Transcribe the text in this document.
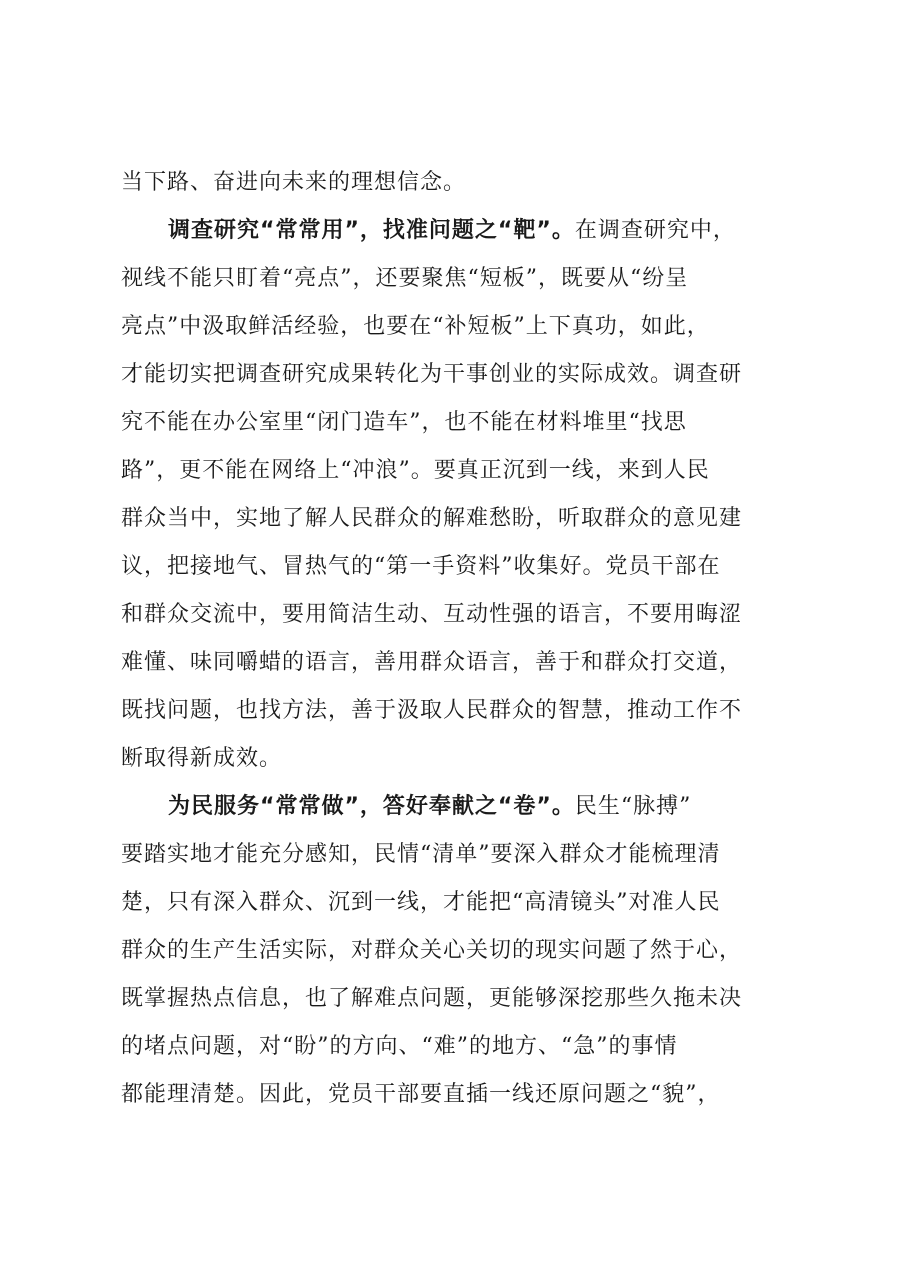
当下路、奋进向未来的理想信念。
调查研究“常常用”，找准问题之“靶”。在调查研究中，
视线不能只盯着“亮点”，还要聚焦“短板”，既要从“纷呈
亮点”中汲取鲜活经验，也要在“补短板”上下真功，如此，
才能切实把调查研究成果转化为干事创业的实际成效。调查研
究不能在办公室里“闭门造车”，也不能在材料堆里“找思
路”，更不能在网络上“冲浪”。要真正沉到一线，来到人民
群众当中，实地了解人民群众的解难愁盼，听取群众的意见建
议，把接地气、冒热气的“第一手资料”收集好。党员干部在
和群众交流中，要用简洁生动、互动性强的语言，不要用晦涩
难懂、味同嚼蜡的语言，善用群众语言，善于和群众打交道，
既找问题，也找方法，善于汲取人民群众的智慧，推动工作不
断取得新成效。
为民服务“常常做”，答好奉献之“卷”。民生“脉搏”
要踏实地才能充分感知，民情“清单”要深入群众才能梳理清
楚，只有深入群众、沉到一线，才能把“高清镜头”对准人民
群众的生产生活实际，对群众关心关切的现实问题了然于心，
既掌握热点信息，也了解难点问题，更能够深挖那些久拖未决
的堵点问题，对“盼”的方向、“难”的地方、“急”的事情
都能理清楚。因此，党员干部要直插一线还原问题之“貌”，
